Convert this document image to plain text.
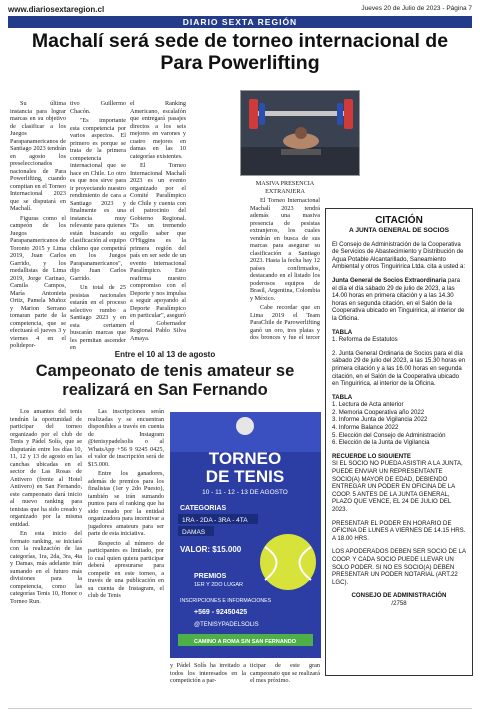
www.diariosextaregion.cl	Jueves 20 de Julio de 2023 - Página 7
DIARIO SEXTA REGIÓN
Machalí será sede de torneo internacional de Para Powerlifting

Su última instancia para lograr marcas en su objetivo de clasificar a los Juegos Parapanamericanos de Santiago 2023 tendrán en agosto los preseleccionados nacionales de Para Powerlifting, cuando compitan en el Torneo Internacional 2023 que se disputará en Machalí.

Figuras como el campeón de los Juegos Parapanamericanos de Toronto 2015 y Lima 2019, Juan Carlos Garrido, y los medallistas de Lima 2019, Jorge Carinao, Camila Campos, María Antonieta Ortiz, Pamela Muñoz y Marion Serrano tomaran parte de la competencia, que se efectuará el jueves 3 y viernes 4 en el polidepor-

tivo Guillermo Chacón.

"Es importante esta competencia por varios aspectos. El primero es porque se trata de la primera competencia internacional que se hace en Chile. Lo otro es que nos sirve para ir proyectando nuestro rendimiento de cara a Santiago 2023 y finalmente es una instancia muy relevante para quienes están buscando su clasificación al equipo chileno que competirá en los Juegos Parapanamericanos", dijo Juan Carlos Garrido.

Un total de 25 pesistas nacionales estarán en el proceso selectivo rumbo a Santiago 2023 y en esta certamen buscarán marcas que les permitan ascender en

el Ranking Americano, escalafón que entregará pasajes directos a los seis mejores en varones y cuatro mejores en damas en las 10 categorías existentes.

El Torneo Internacional Machalí 2023 es un evento organizado por el Comité Paralímpico de Chile y cuenta con el patrocinio del Gobierno Regional. "Es un tremendo orgullo saber que O'Higgins es la primera región del país en ser sede de un evento internacional Paralímpico. Esto reafirma nuestro compromiso con el Deporte y nos impulsa a seguir apoyando al Deporte Paralímpico en particular", aseguró el Gobernador Regional Pablo Silva Amaya.

MASIVA PRESENCIA EXTRANJERA

El Torneo Internacional Machalí 2023 tendrá además una masiva presencia de pesistas extranjeros, los cuales vendrán en busca de sus marcas para asegurar su clasificación a Santiago 2023. Hasta la fecha hay 12 países confirmados, destacando en el listado los poderosos equipos de Brasil, Argentina, Colombia y México.

Cabe recordar que en Lima 2019 el Team ParaChile de Parowerlifting ganó un oro, tres platas y dos bronces y fue el tercer

CITACIÓN
A JUNTA GENERAL DE SOCIOS

El Consejo de Administración de la Cooperativa de Servicios de Abastecimiento y Distribución de Agua Potable Alcantarillado, Saneamiento Ambiental y otros Tinguiririca Ltda. cita a usted a:

Junta General de Socios Extraordinaria para el día el día sábado 29 de julio de 2023, a las 14.00 horas en primera citación y a las 14.30 horas en segunda citación, en el Salón de la Cooperativa ubicado en Tinguiririca, al interior de la Oficina.

TABLA
1. Reforma de Estatutos

2. Junta General Ordinaria de Socios para el día sábado 29 de julio del 2023, a las 15.30 horas en primera citación y a las 16.00 horas en segunda citación, en el Salón de la Cooperativa ubicado en Tinguiririca, al interior de la Oficina.

TABLA
1. Lectura de Acta anterior
2. Memoria Cooperativa año 2022
3. Informe Junta de Vigilancia 2022
4. Informe Balance 2022
5. Elección del Consejo de Administración
6. Elección de la Junta de Vigilancia
RECUERDE LO SIGUIENTE

SI EL SOCIO NO PUEDA ASISTIR A LA JUNTA, PUEDE ENVIAR UN REPRESENTANTE SOCIO(A) MAYOR DE EDAD, DEBIENDO ENTREGAR UN PODER EN OFICINA DE LA COOP. 5 ANTES DE LA JUNTA GENERAL, PLAZO QUE VENCE, EL 24 DE JULIO DEL 2023.

PRESENTAR EL PODER EN HORARIO DE OFICINA DE LUNES A VIERNES DE 14.15 HRS. A 18.00 HRS.

LOS APODERADOS DEBEN SER SOCIO DE LA COOP. Y CADA SOCIO PUEDE LLEVAR UN SOLO PODER. SI NO ES SOCIO(A) DEBEN PRESENTAR UN PODER NOTARIAL (ART.22 LGC).

CONSEJO DE ADMINISTRACIÓN
/2758
Entre el 10 al 13 de agosto
Campeonato de tenis amateur se realizará en San Fernando

Los amantes del tenis tendrán la oportunidad de participar del torneo organizado por el club de Tenis y Pádel Solís, que se disputarán entre los días 10, 11, 12 y 13 de agosto en las canchas ubicadas en el sector de Las Rosas de Antivero (frente al Hotel Antivero) en San Fernando, este campeonato dará inicio al nuevo ranking para tenistas que ha sido creado y organizado por la misma entidad.

En esta inicio del formato ranking, se iniciará con la realización de las categorías, 1ra, 2da, 3ra, 4ta y Damas, más adelante irán sumando en el futuro más divisiones para la competencia, como las categorías Tenis 10, Honor o Torneo Run.

Las inscripciones serán realizadas y se encuentran disponibles a través en cuenta de Instagram @tenisypadelsolis o al WhatsApp +56 9 9245 0425, el valor de inscripción será de $15.000.

Entre los ganadores, además de premios para los finalistas (1er y 2do Puesto), también se irán sumando puntos para el ranking que ha sido creado por la entidad organizadora para incentivar a jugadores amateurs para ser parte de esta iniciativa.

Respecto al número de participantes es limitado, por lo cual quien quiera participar deberá apresurarse para competir en este torneo, a través de una publicación en su cuenta de Instagram, el club de Tenis

y Pádel Solís ha invitado a todos los interesados en la competición a par-

ticipar de este gran campeonato que se realizará el mes próximo.

TORNEO
DE TENIS
10 - 11 - 12 - 13 DE AGOSTO
CATEGORIAS
1RA - 2DA - 3RA - 4TA
DAMAS
VALOR: $15.000
PREMIOS
1ER Y 2DO LUGAR
INSCRIPCIONES E INFORMACIONES
+569 - 92450425
@TENISYPADELSOLIS
CAMINO A ROMA S/N SAN FERNANDO
